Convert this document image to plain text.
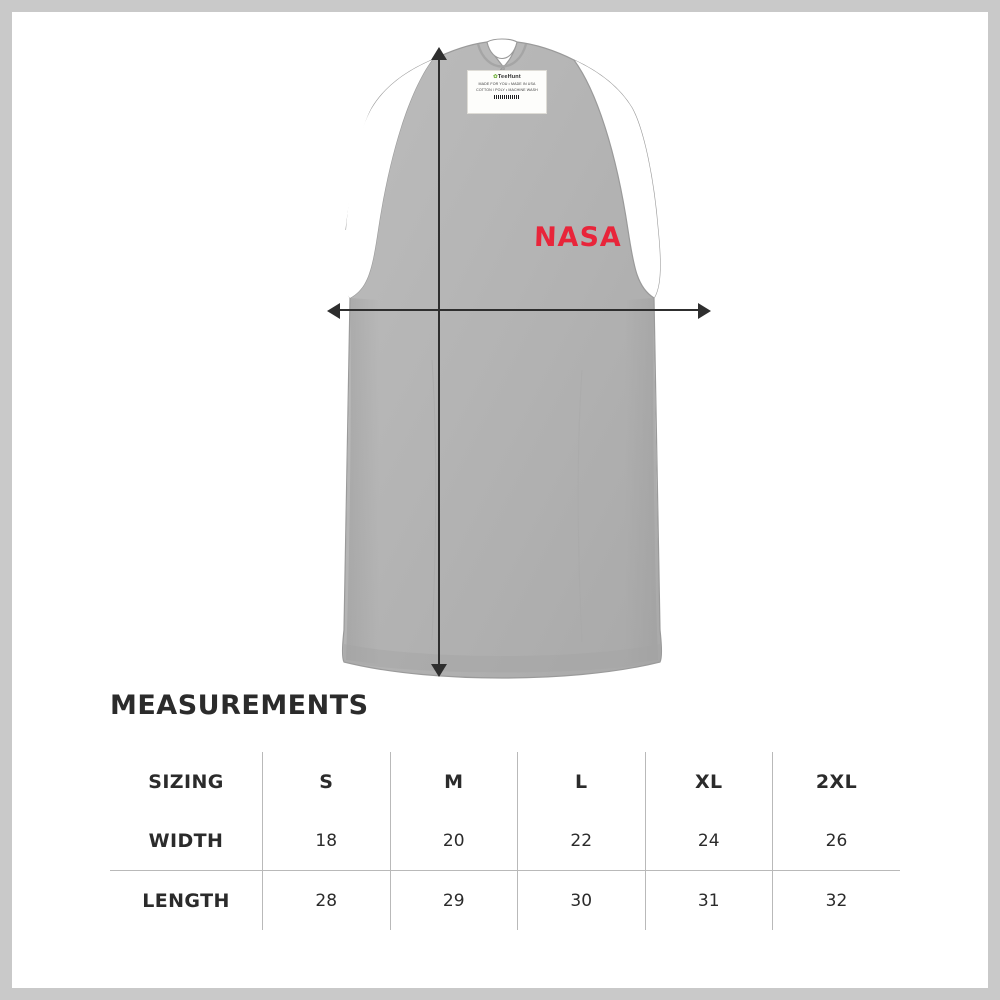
✿TeeHunt
MADE FOR YOU • MADE IN USA
COTTON / POLY • MACHINE WASH
NASA
MEASUREMENTS
SIZING	S	M	L	XL	2XL
WIDTH	18	20	22	24	26
LENGTH	28	29	30	31	32
